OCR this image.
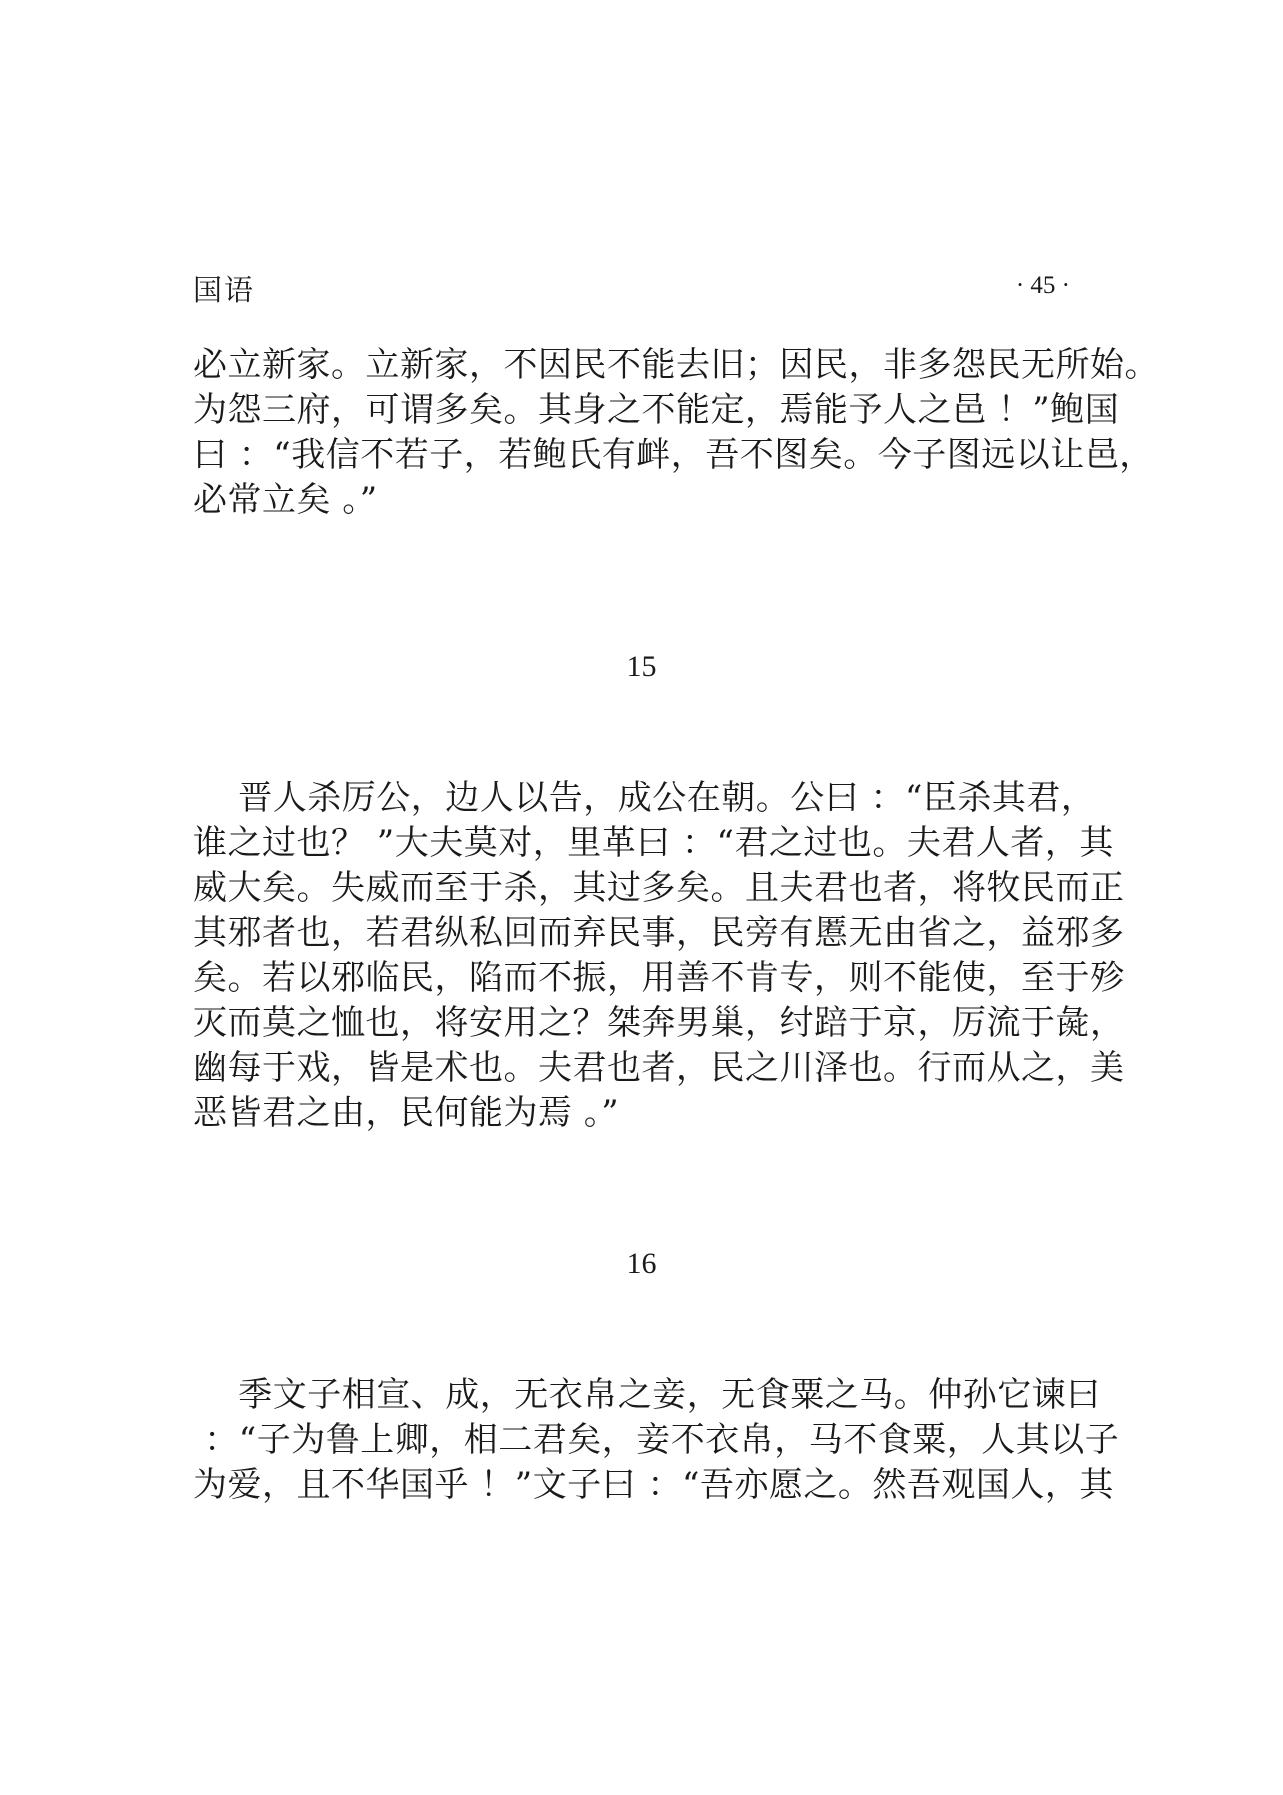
国语	· 45 ·
必立新家。立新家，不因民不能去旧；因民，非多怨民无所始。
为怨三府，可谓多矣。其身之不能定，焉能予人之邑 ！”鲍国
曰 ：“我信不若子，若鲍氏有衅，吾不图矣。今子图远以让邑，
必常立矣 。”
15
晋人杀厉公，边人以告，成公在朝。公曰 ：“臣杀其君，
谁之过也？ ”大夫莫对，里革曰 ：“君之过也。夫君人者，其
威大矣。失威而至于杀，其过多矣。且夫君也者，将牧民而正
其邪者也，若君纵私回而弃民事，民旁有慝无由省之，益邪多
矣。若以邪临民，陷而不振，用善不肯专，则不能使，至于殄
灭而莫之恤也，将安用之？桀奔男巢，纣踣于京，厉流于彘，
幽每于戏，皆是术也。夫君也者，民之川泽也。行而从之，美
恶皆君之由，民何能为焉 。”
16
季文子相宣、成，无衣帛之妾，无食粟之马。仲孙它谏曰
：“子为鲁上卿，相二君矣，妾不衣帛，马不食粟，人其以子
为爱，且不华国乎 ！”文子曰 ：“吾亦愿之。然吾观国人，其
